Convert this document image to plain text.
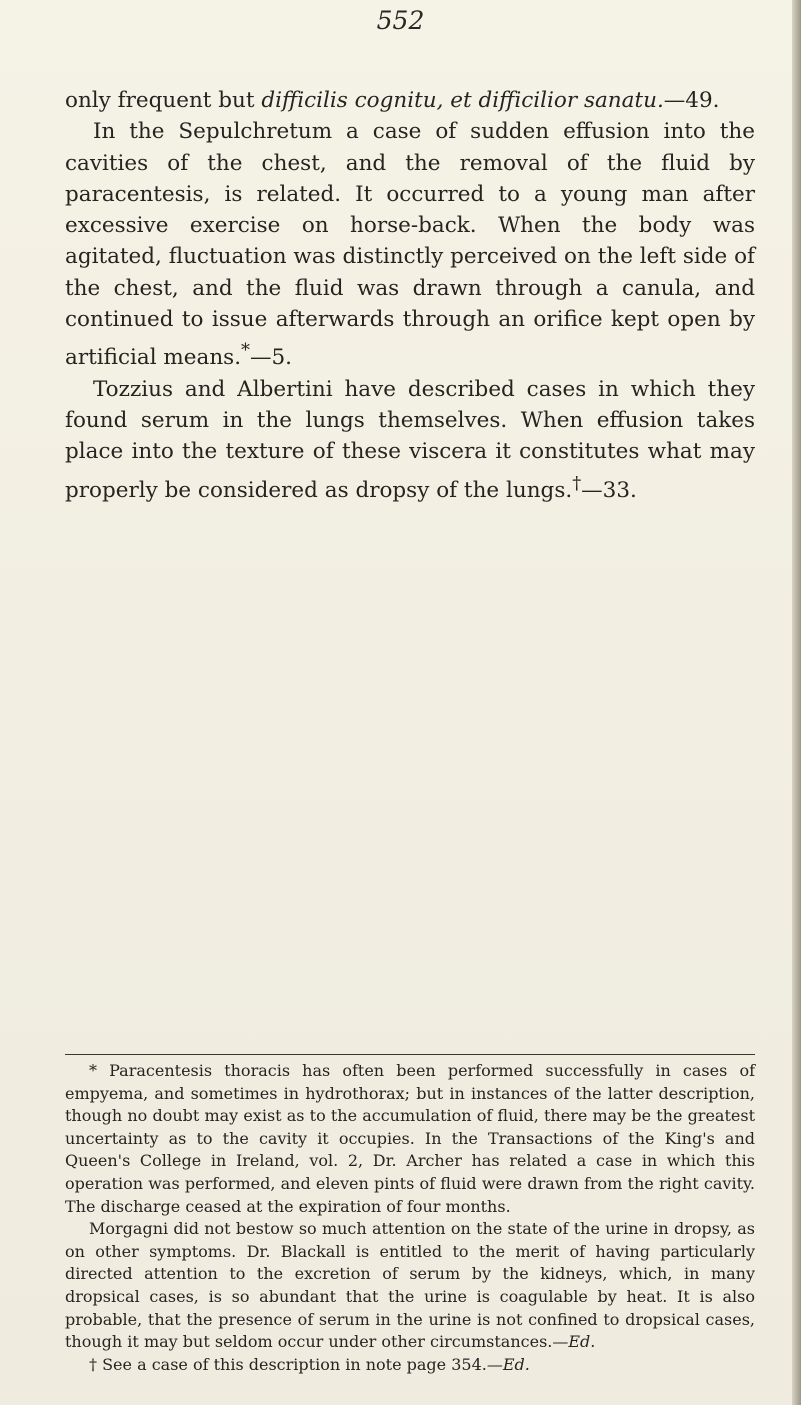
552

only frequent but difficilis cognitu, et difficilior sanatu.—49.

In the Sepulchretum a case of sudden effusion into the cavities of the chest, and the removal of the fluid by paracentesis, is related. It occurred to a young man after excessive exercise on horse-back. When the body was agitated, fluctuation was distinctly perceived on the left side of the chest, and the fluid was drawn through a canula, and continued to issue afterwards through an orifice kept open by artificial means.*—5.

Tozzius and Albertini have described cases in which they found serum in the lungs themselves. When effusion takes place into the texture of these viscera it constitutes what may properly be considered as dropsy of the lungs.†—33.

* Paracentesis thoracis has often been performed successfully in cases of empyema, and sometimes in hydrothorax; but in instances of the latter description, though no doubt may exist as to the accumulation of fluid, there may be the greatest uncertainty as to the cavity it occupies. In the Transactions of the King's and Queen's College in Ireland, vol. 2, Dr. Archer has related a case in which this operation was performed, and eleven pints of fluid were drawn from the right cavity. The discharge ceased at the expiration of four months.

Morgagni did not bestow so much attention on the state of the urine in dropsy, as on other symptoms. Dr. Blackall is entitled to the merit of having particularly directed attention to the excretion of serum by the kidneys, which, in many dropsical cases, is so abundant that the urine is coagulable by heat. It is also probable, that the presence of serum in the urine is not confined to dropsical cases, though it may but seldom occur under other circumstances.—Ed.

† See a case of this description in note page 354.—Ed.
